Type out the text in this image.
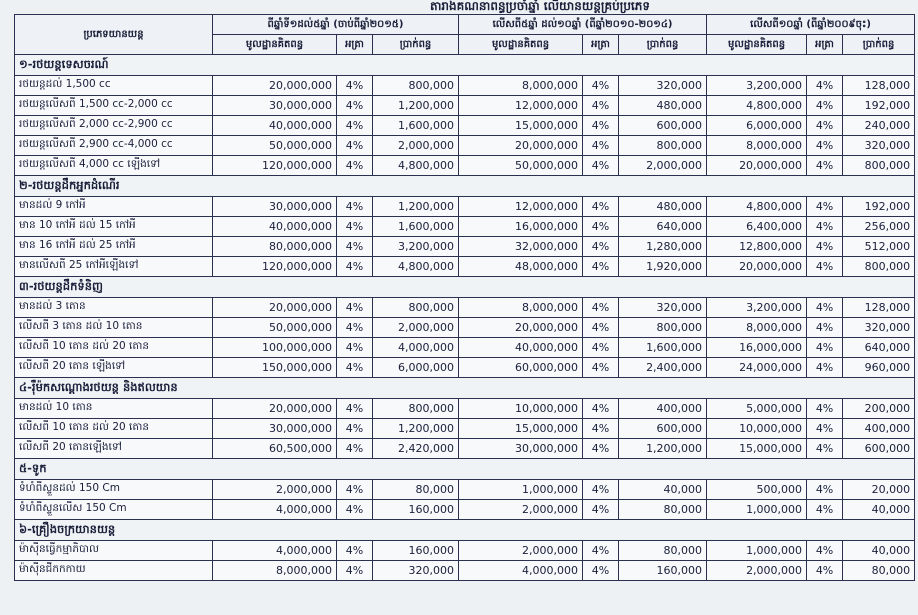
តារាងគណនាពន្ធប្រចាំឆ្នាំ លើយានយន្តគ្រប់ប្រភេទ
ប្រភេទយានយន្ត	ពីឆ្នាំទី១ដល់៥ឆ្នាំ (ចាប់ពីឆ្នាំ២០១៥)			លើសពី៥ឆ្នាំ ដល់១០ឆ្នាំ (ពីឆ្នាំ២០១០-២០១៤)			លើសពី១០ឆ្នាំ (ពីឆ្នាំ២០០៩ចុះ)		
	មូលដ្ឋានគិតពន្ធ	អត្រា	ប្រាក់ពន្ធ	មូលដ្ឋានគិតពន្ធ	អត្រា	ប្រាក់ពន្ធ	មូលដ្ឋានគិតពន្ធ	អត្រា	ប្រាក់ពន្ធ
១-រថយន្តទេសចរណ៍									
រថយន្តដល់ 1,500 cc	20,000,000	4%	800,000	8,000,000	4%	320,000	3,200,000	4%	128,000
រថយន្តលើសពី 1,500 cc-2,000 cc	30,000,000	4%	1,200,000	12,000,000	4%	480,000	4,800,000	4%	192,000
រថយន្តលើសពី 2,000 cc-2,900 cc	40,000,000	4%	1,600,000	15,000,000	4%	600,000	6,000,000	4%	240,000
រថយន្តលើសពី 2,900 cc-4,000 cc	50,000,000	4%	2,000,000	20,000,000	4%	800,000	8,000,000	4%	320,000
រថយន្តលើសពី 4,000 cc ឡើងទៅ	120,000,000	4%	4,800,000	50,000,000	4%	2,000,000	20,000,000	4%	800,000
២-រថយន្តដឹកអ្នកដំណើរ									
មានដល់ 9 កៅអី	30,000,000	4%	1,200,000	12,000,000	4%	480,000	4,800,000	4%	192,000
មាន 10 កៅអី ដល់ 15 កៅអី	40,000,000	4%	1,600,000	16,000,000	4%	640,000	6,400,000	4%	256,000
មាន 16 កៅអី ដល់ 25 កៅអី	80,000,000	4%	3,200,000	32,000,000	4%	1,280,000	12,800,000	4%	512,000
មានលើសពី 25 កៅអីឡើងទៅ	120,000,000	4%	4,800,000	48,000,000	4%	1,920,000	20,000,000	4%	800,000
៣-រថយន្តដឹកទំនិញ									
មានដល់ 3 តោន	20,000,000	4%	800,000	8,000,000	4%	320,000	3,200,000	4%	128,000
លើសពី 3 តោន ដល់ 10 តោន	50,000,000	4%	2,000,000	20,000,000	4%	800,000	8,000,000	4%	320,000
លើសពី 10 តោន ដល់ 20 តោន	100,000,000	4%	4,000,000	40,000,000	4%	1,600,000	16,000,000	4%	640,000
លើសពី 20 តោន ឡើងទៅ	150,000,000	4%	6,000,000	60,000,000	4%	2,400,000	24,000,000	4%	960,000
៤-រ៉ឺម៉កសណ្តោងរថយន្ត និងឥលយាន									
មានដល់ 10 តោន	20,000,000	4%	800,000	10,000,000	4%	400,000	5,000,000	4%	200,000
លើសពី 10 តោន ដល់ 20 តោន	30,000,000	4%	1,200,000	15,000,000	4%	600,000	10,000,000	4%	400,000
លើសពី 20 តោនឡើងទៅ	60,500,000	4%	2,420,000	30,000,000	4%	1,200,000	15,000,000	4%	600,000
៥-ទូក									
ទំហំពីស្ទួនដល់ 150 Cm	2,000,000	4%	80,000	1,000,000	4%	40,000	500,000	4%	20,000
ទំហំពីស្ទួនលើស 150 Cm	4,000,000	4%	160,000	2,000,000	4%	80,000	1,000,000	4%	40,000
៦-គ្រឿងចក្រយានយន្ត									
ម៉ាស៊ីនធ្វើកម្មាភិបាល	4,000,000	4%	160,000	2,000,000	4%	80,000	1,000,000	4%	40,000
ម៉ាស៊ីនជីកកកាយ	8,000,000	4%	320,000	4,000,000	4%	160,000	2,000,000	4%	80,000
